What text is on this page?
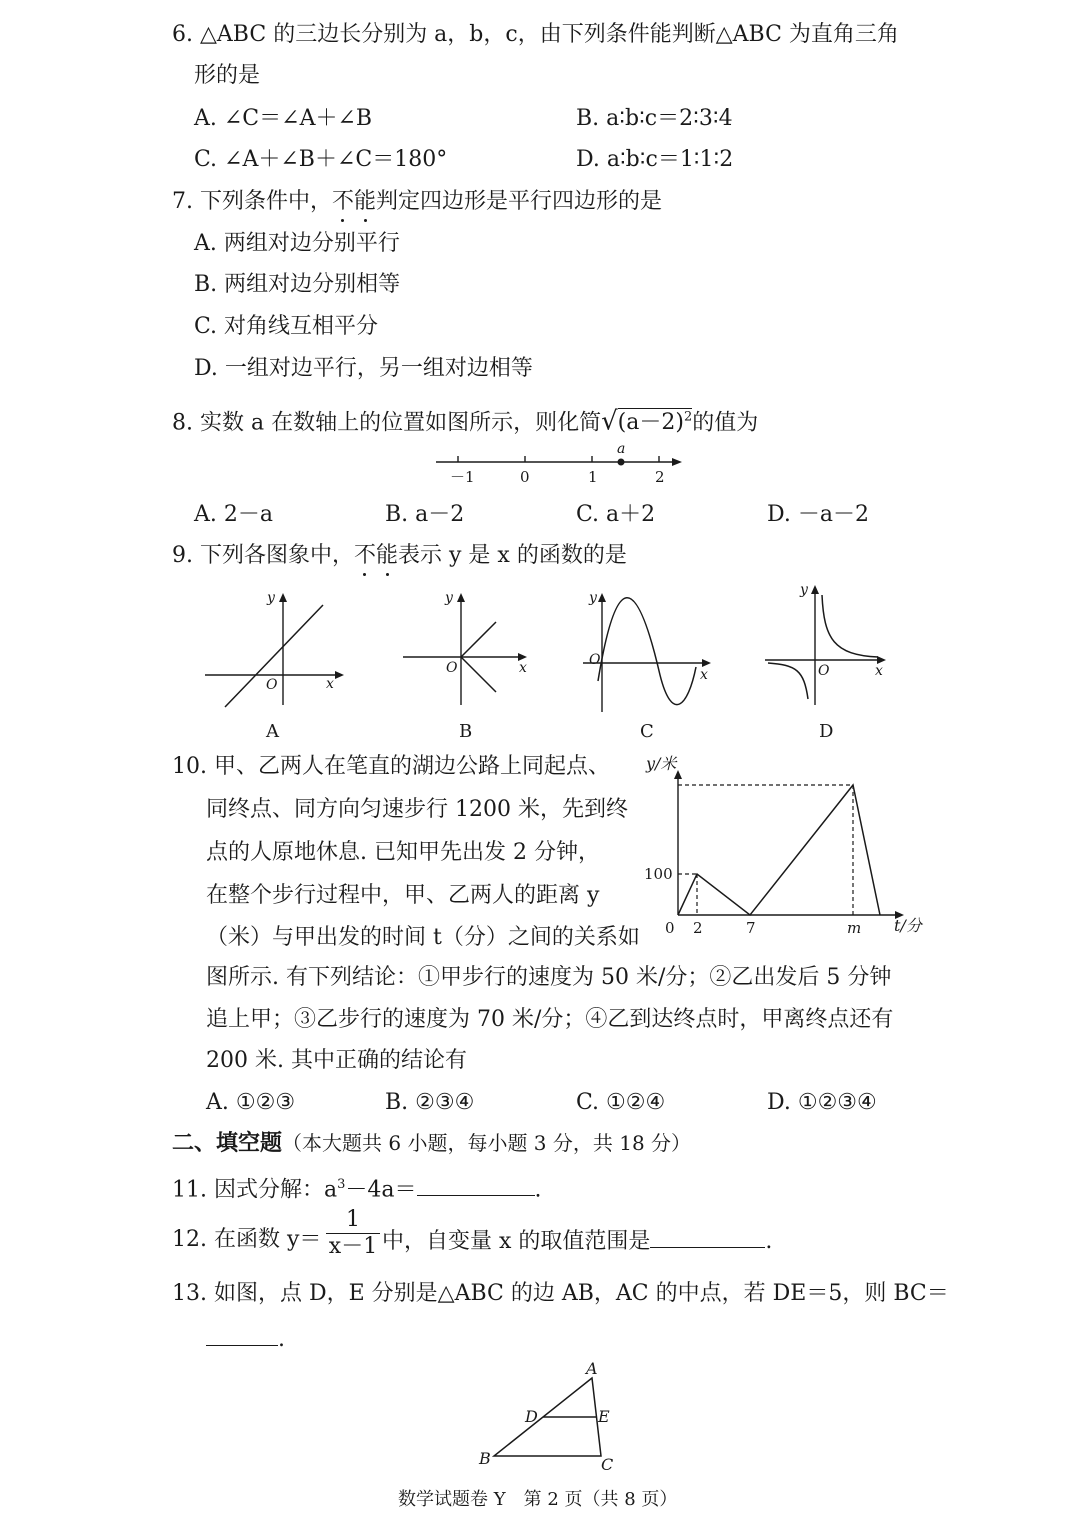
6. △ABC 的三边长分别为 a，b，c，由下列条件能判断△ABC 为直角三角
形的是
A. ∠C＝∠A＋∠B	B. a∶b∶c＝2∶3∶4
C. ∠A＋∠B＋∠C＝180°	D. a∶b∶c＝1∶1∶2
7. 下列条件中，不能判定四边形是平行四边形的是
A. 两组对边分别平行
B. 两组对边分别相等
C. 对角线互相平分
D. 一组对边平行，另一组对边相等
8. 实数 a 在数轴上的位置如图所示，则化简$√(a-2)^2$的值为
－1	0	1	2
a
A. 2－a	B. a－2	C. a＋2	D. －a－2
9. 下列各图象中，不能表示 y 是 x 的函数的是
y
x
O
A
y
x
O
B
y
x
O
C
y
x
O
D
10. 甲、乙两人在笔直的湖边公路上同起点、
同终点、同方向匀速步行 1200 米，先到终
点的人原地休息. 已知甲先出发 2 分钟，
在整个步行过程中，甲、乙两人的距离 y
（米）与甲出发的时间 t（分）之间的关系如
图所示. 有下列结论：①甲步行的速度为 50 米/分；②乙出发后 5 分钟
追上甲；③乙步行的速度为 70 米/分；④乙到达终点时，甲离终点还有
200 米. 其中正确的结论有
y/米
t/分
100
0 2	7	m
A. ①②③	B. ②③④	C. ①②④	D. ①②③④
二、填空题（本大题共 6 小题，每小题 3 分，共 18 分）
11. 因式分解：$a^3-4a=$	.
12. 在函数 y＝
1
x－1 中，自变量 x 的取值范围是	.
13. 如图，点 D，E 分别是△ABC 的边 AB，AC 的中点，若 DE＝5，则 BC＝
.
A
B	C
D	E
数学试题卷 Y　第 2 页（共 8 页）
